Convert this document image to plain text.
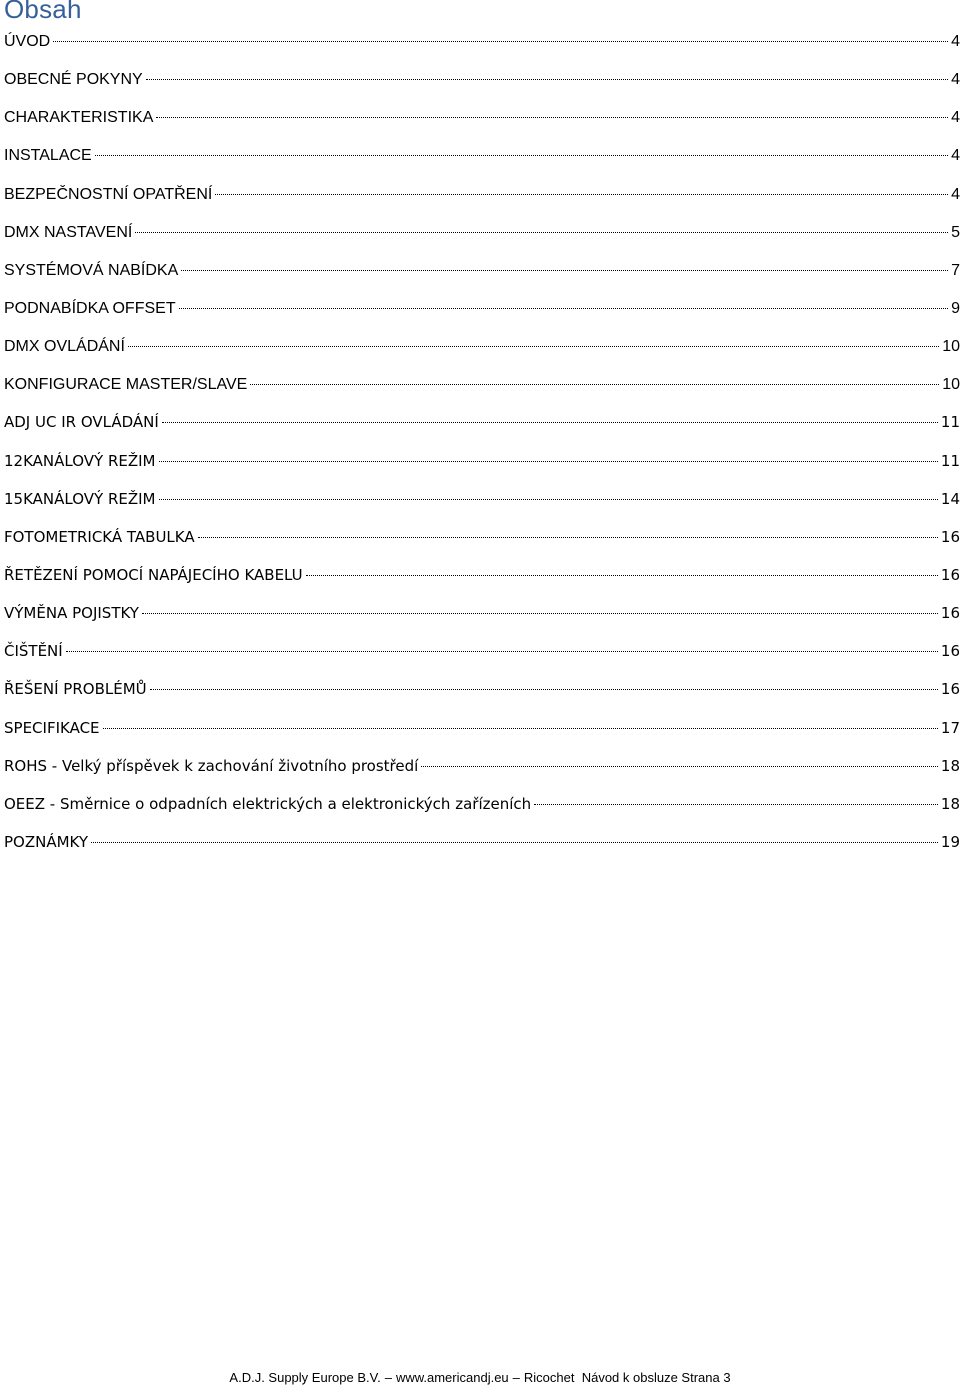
Obsah
ÚVOD	4
OBECNÉ POKYNY	4
CHARAKTERISTIKA	4
INSTALACE	4
BEZPEČNOSTNÍ OPATŘENÍ	4
DMX NASTAVENÍ	5
SYSTÉMOVÁ NABÍDKA	7
PODNABÍDKA OFFSET	9
DMX OVLÁDÁNÍ	10
KONFIGURACE MASTER/SLAVE	10
ADJ UC IR OVLÁDÁNÍ	11
12KANÁLOVÝ REŽIM	11
15KANÁLOVÝ REŽIM	14
FOTOMETRICKÁ TABULKA	16
ŘETĚZENÍ POMOCÍ NAPÁJECÍHO KABELU	16
VÝMĚNA POJISTKY	16
ČIŠTĚNÍ	16
ŘEŠENÍ PROBLÉMŮ	16
SPECIFIKACE	17
ROHS - Velký příspěvek k zachování životního prostředí	18
OEEZ - Směrnice o odpadních elektrických a elektronických zařízeních	18
POZNÁMKY	19
A.D.J. Supply Europe B.V. – www.americandj.eu – Ricochet Návod k obsluze Strana 3
